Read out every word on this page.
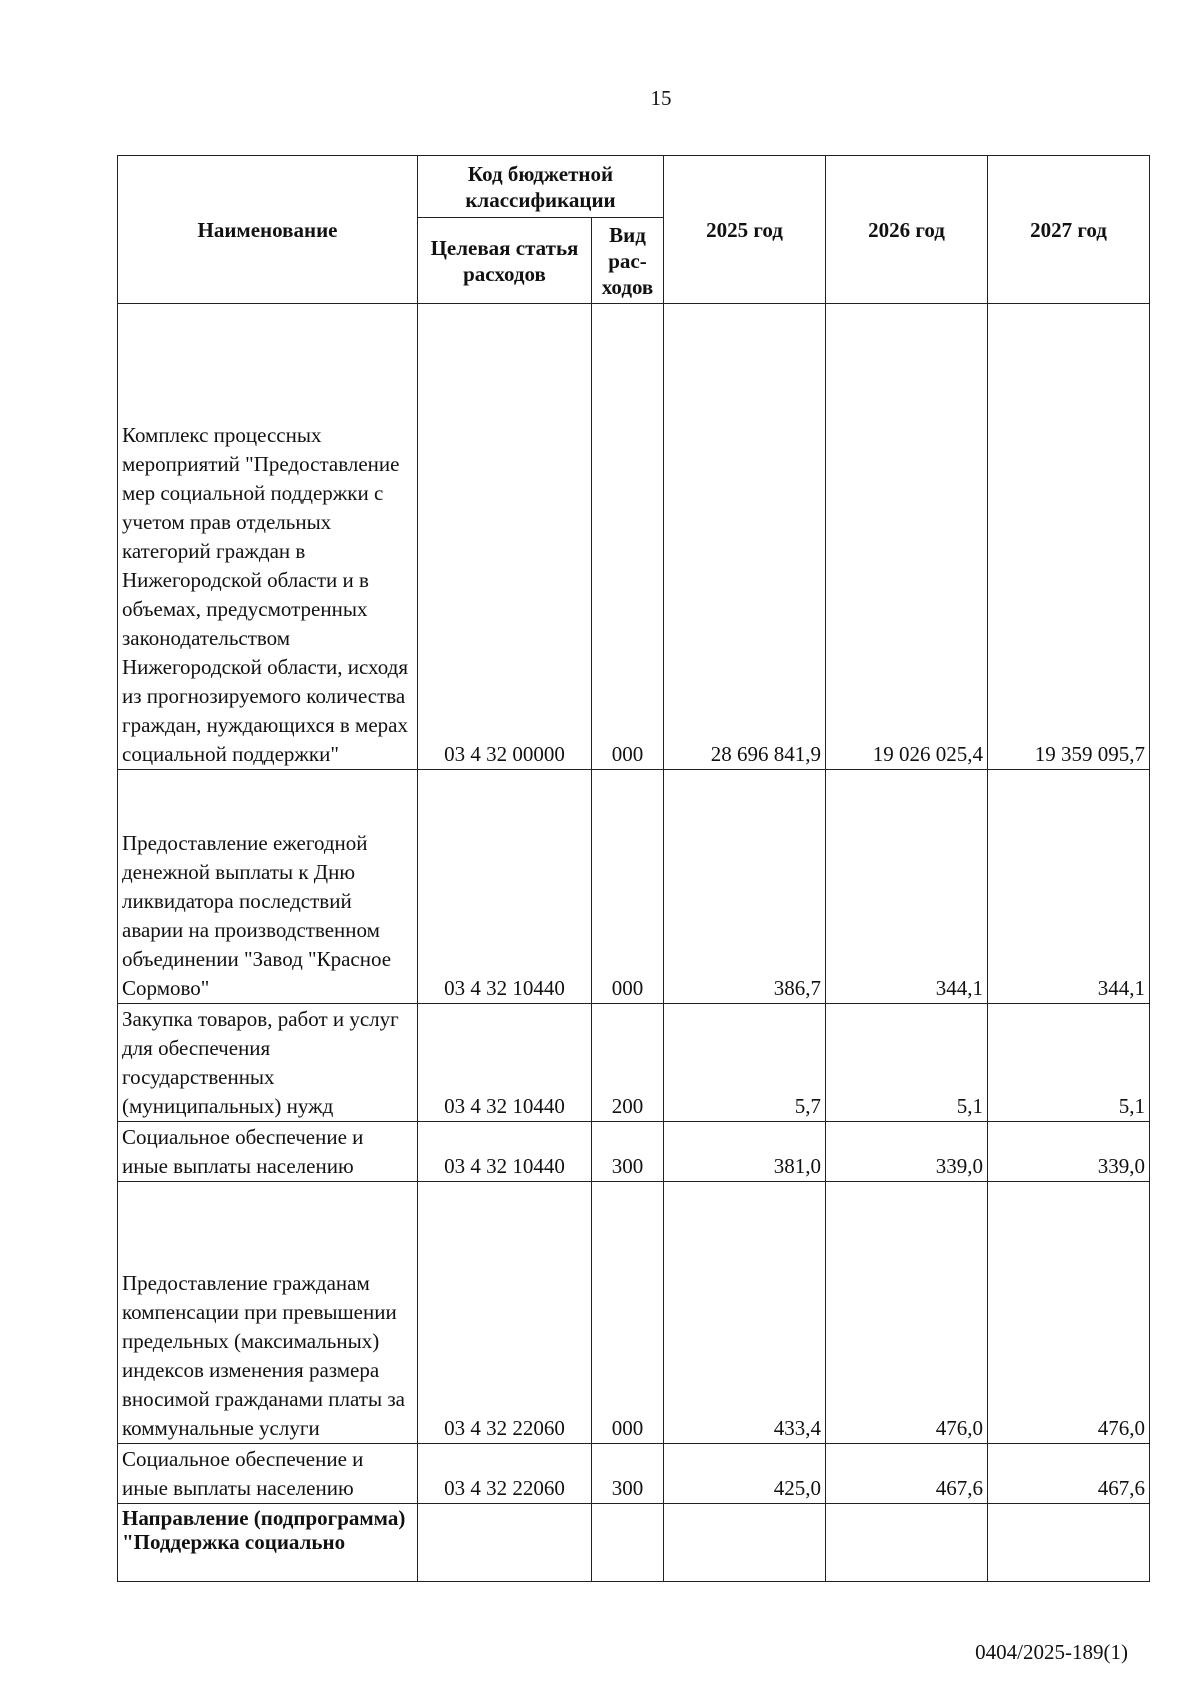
15
Наименование	Код бюджетной классификации		2025 год	2026 год	2027 год
	Целевая статья расходов	Вид рас-ходов			
Комплекс процессных мероприятий "Предоставление мер социальной поддержки с учетом прав отдельных категорий граждан в Нижегородской области и в объемах, предусмотренных законодательством Нижегородской области, исходя из прогнозируемого количества граждан, нуждающихся в мерах социальной поддержки"	03 4 32 00000	000	28 696 841,9	19 026 025,4	19 359 095,7
Предоставление ежегодной денежной выплаты к Дню ликвидатора последствий аварии на производственном объединении "Завод "Красное Сормово"	03 4 32 10440	000	386,7	344,1	344,1
Закупка товаров, работ и услуг для обеспечения государственных (муниципальных) нужд	03 4 32 10440	200	5,7	5,1	5,1
Социальное обеспечение и иные выплаты населению	03 4 32 10440	300	381,0	339,0	339,0
Предоставление гражданам компенсации при превышении предельных (максимальных) индексов изменения размера вносимой гражданами платы за коммунальные услуги	03 4 32 22060	000	433,4	476,0	476,0
Социальное обеспечение и иные выплаты населению	03 4 32 22060	300	425,0	467,6	467,6
Направление (подпрограмма) "Поддержка социально					
0404/2025-189(1)
